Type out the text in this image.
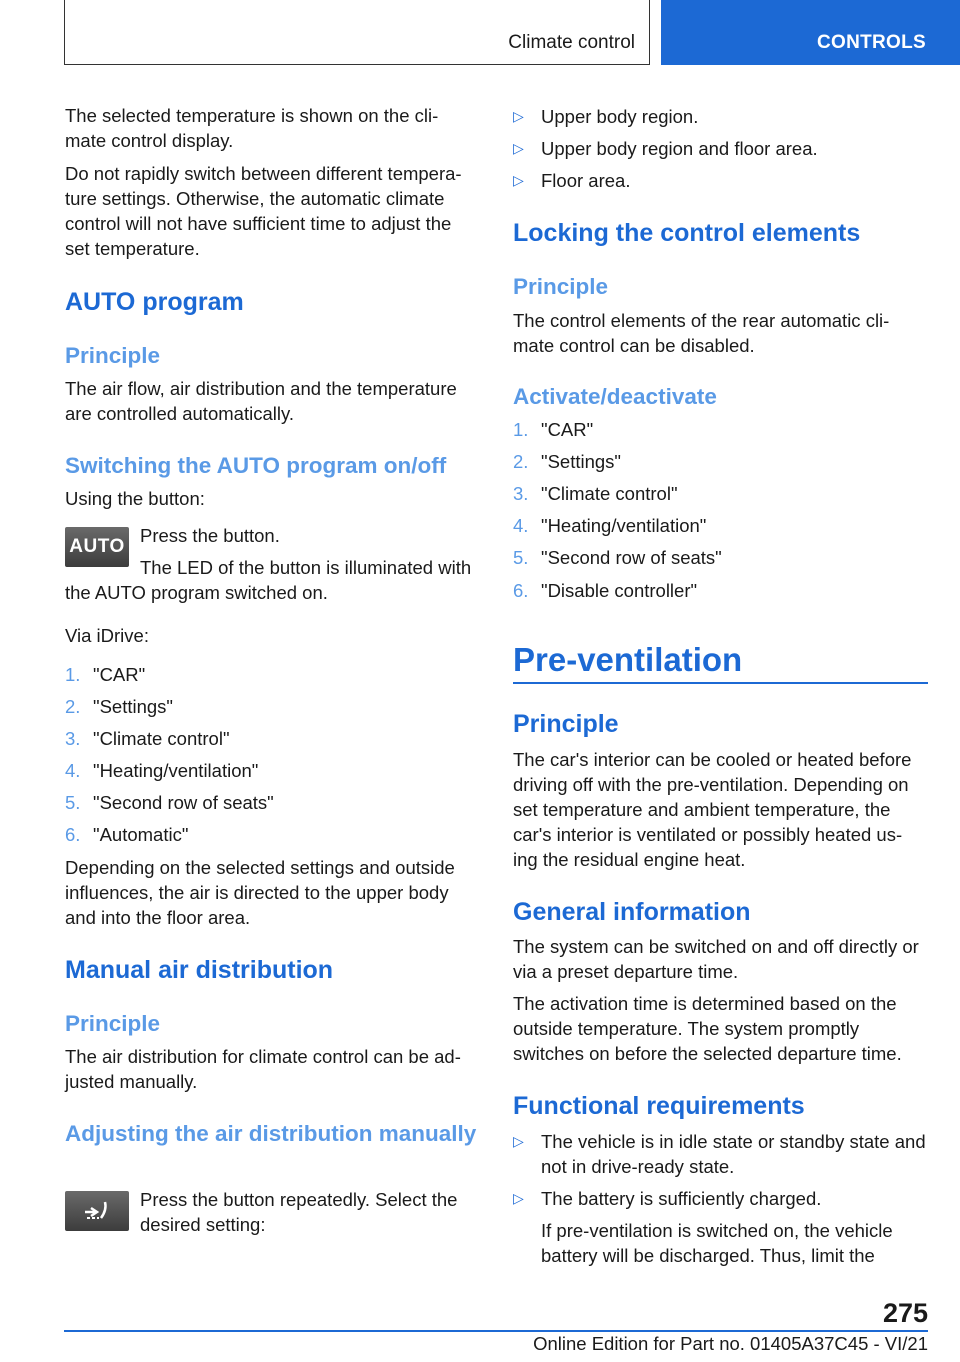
Climate control	CONTROLS
The selected temperature is shown on the cli‐ mate control display.
Do not rapidly switch between different tempera‐ ture settings. Otherwise, the automatic climate control will not have sufficient time to adjust the set temperature.
AUTO program
Principle
The air flow, air distribution and the temperature are controlled automatically.
Switching the AUTO program on/off
Using the button:
AUTO
Press the button.
The LED of the button is illuminated with the AUTO program switched on.
Via iDrive:
1. "CAR"
2. "Settings"
3. "Climate control"
4. "Heating/ventilation"
5. "Second row of seats"
6. "Automatic"
Depending on the selected settings and outside influences, the air is directed to the upper body and into the floor area.
Manual air distribution
Principle
The air distribution for climate control can be ad‐ justed manually.
Adjusting the air distribution manually
Press the button repeatedly. Select the desired setting:
▷ Upper body region.
▷ Upper body region and floor area.
▷ Floor area.
Locking the control elements
Principle
The control elements of the rear automatic cli‐ mate control can be disabled.
Activate/deactivate
1. "CAR"
2. "Settings"
3. "Climate control"
4. "Heating/ventilation"
5. "Second row of seats"
6. "Disable controller"
Pre-ventilation
Principle
The car's interior can be cooled or heated before driving off with the pre-ventilation. Depending on set temperature and ambient temperature, the car's interior is ventilated or possibly heated us‐ ing the residual engine heat.
General information
The system can be switched on and off directly or via a preset departure time.
The activation time is determined based on the outside temperature. The system promptly switches on before the selected departure time.
Functional requirements
▷ The vehicle is in idle state or standby state and not in drive-ready state.
▷ The battery is sufficiently charged.
If pre-ventilation is switched on, the vehicle battery will be discharged. Thus, limit the
275
Online Edition for Part no. 01405A37C45 - VI/21
